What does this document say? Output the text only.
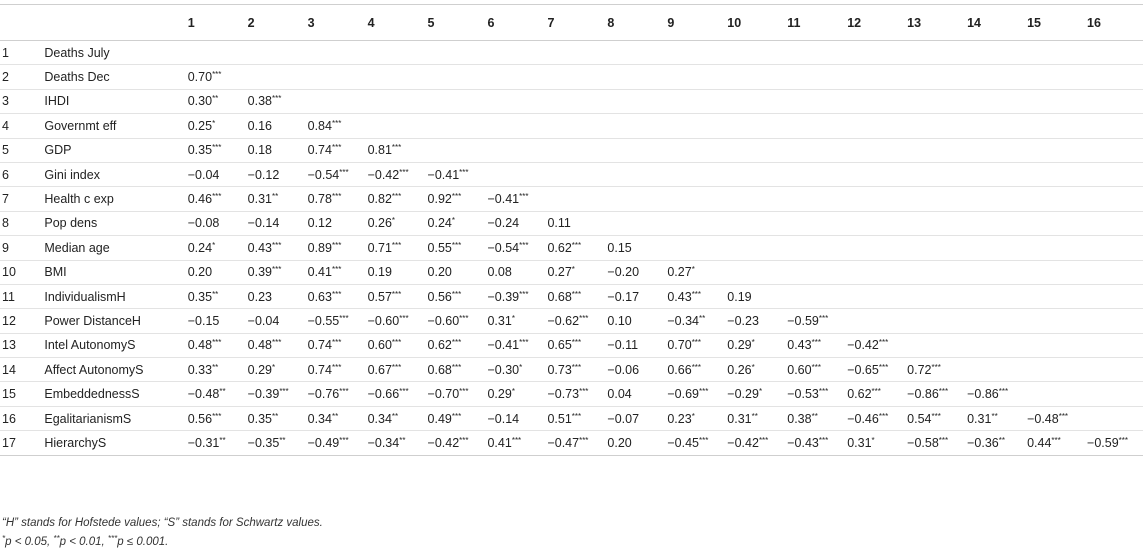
		1	2	3	4	5	6	7	8	9	10	11	12	13	14	15	16
1	Deaths July																
2	Deaths Dec	0.70***															
3	IHDI	0.30**	0.38***														
4	Governmt eff	0.25*	0.16	0.84***													
5	GDP	0.35***	0.18	0.74***	0.81***												
6	Gini index	−0.04	−0.12	−0.54***	−0.42***	−0.41***											
7	Health c exp	0.46***	0.31**	0.78***	0.82***	0.92***	−0.41***										
8	Pop dens	−0.08	−0.14	0.12	0.26*	0.24*	−0.24	0.11									
9	Median age	0.24*	0.43***	0.89***	0.71***	0.55***	−0.54***	0.62***	0.15								
10	BMI	0.20	0.39***	0.41***	0.19	0.20	0.08	0.27*	−0.20	0.27*							
11	IndividualismH	0.35**	0.23	0.63***	0.57***	0.56***	−0.39***	0.68***	−0.17	0.43***	0.19						
12	Power DistanceH	−0.15	−0.04	−0.55***	−0.60***	−0.60***	0.31*	−0.62***	0.10	−0.34**	−0.23	−0.59***					
13	Intel AutonomyS	0.48***	0.48***	0.74***	0.60***	0.62***	−0.41***	0.65***	−0.11	0.70***	0.29*	0.43***	−0.42***				
14	Affect AutonomyS	0.33**	0.29*	0.74***	0.67***	0.68***	−0.30*	0.73***	−0.06	0.66***	0.26*	0.60***	−0.65***	0.72***			
15	EmbeddednessS	−0.48**	−0.39***	−0.76***	−0.66***	−0.70***	0.29*	−0.73***	0.04	−0.69***	−0.29*	−0.53***	0.62***	−0.86***	−0.86***		
16	EgalitarianismS	0.56***	0.35**	0.34**	0.34**	0.49***	−0.14	0.51***	−0.07	0.23*	0.31**	0.38**	−0.46***	0.54***	0.31**	−0.48***	
17	HierarchyS	−0.31**	−0.35**	−0.49***	−0.34**	−0.42***	0.41***	−0.47***	0.20	−0.45***	−0.42***	−0.43***	0.31*	−0.58***	−0.36**	0.44***	−0.59***
“H” stands for Hofstede values; “S” stands for Schwartz values.
*p < 0.05, **p < 0.01, ***p ≤ 0.001.
